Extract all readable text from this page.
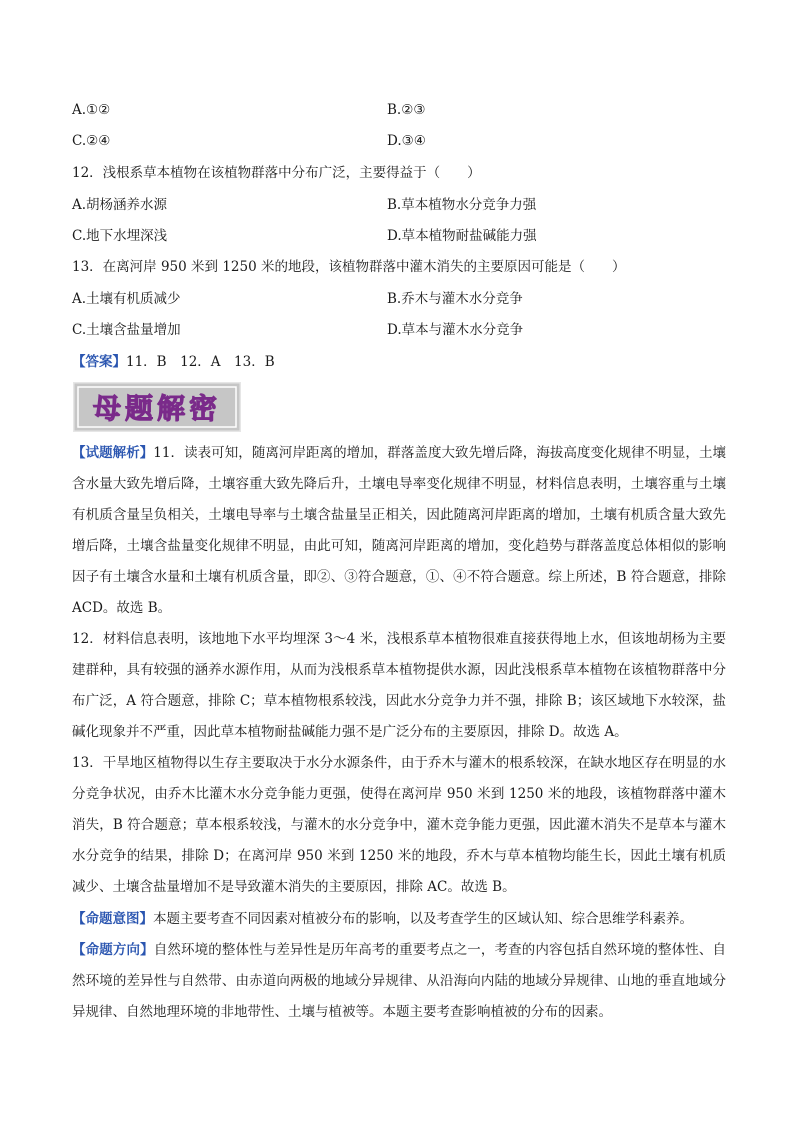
A.①②	B.②③
C.②④	D.③④
12．浅根系草本植物在该植物群落中分布广泛，主要得益于（　　）
A.胡杨涵养水源	B.草本植物水分竞争力强
C.地下水埋深浅	D.草本植物耐盐碱能力强
13．在离河岸 950 米到 1250 米的地段，该植物群落中灌木消失的主要原因可能是（　　）
A.土壤有机质减少	B.乔木与灌木水分竞争
C.土壤含盐量增加	D.草本与灌木水分竞争
【答案】11．B　12．A　13．B
母题解密
【试题解析】11．读表可知，随离河岸距离的增加，群落盖度大致先增后降，海拔高度变化规律不明显，土壤含水量大致先增后降，土壤容重大致先降后升，土壤电导率变化规律不明显，材料信息表明，土壤容重与土壤有机质含量呈负相关，土壤电导率与土壤含盐量呈正相关，因此随离河岸距离的增加，土壤有机质含量大致先增后降，土壤含盐量变化规律不明显，由此可知，随离河岸距离的增加，变化趋势与群落盖度总体相似的影响因子有土壤含水量和土壤有机质含量，即②、③符合题意，①、④不符合题意。综上所述，B 符合题意，排除 ACD。故选 B。
12．材料信息表明，该地地下水平均埋深 3～4 米，浅根系草本植物很难直接获得地上水，但该地胡杨为主要建群种，具有较强的涵养水源作用，从而为浅根系草本植物提供水源，因此浅根系草本植物在该植物群落中分布广泛，A 符合题意，排除 C；草本植物根系较浅，因此水分竞争力并不强，排除 B；该区域地下水较深，盐碱化现象并不严重，因此草本植物耐盐碱能力强不是广泛分布的主要原因，排除 D。故选 A。
13．干旱地区植物得以生存主要取决于水分水源条件，由于乔木与灌木的根系较深，在缺水地区存在明显的水分竞争状况，由乔木比灌木水分竞争能力更强，使得在离河岸 950 米到 1250 米的地段，该植物群落中灌木消失，B 符合题意；草本根系较浅，与灌木的水分竞争中，灌木竞争能力更强，因此灌木消失不是草本与灌木水分竞争的结果，排除 D；在离河岸 950 米到 1250 米的地段，乔木与草本植物均能生长，因此土壤有机质减少、土壤含盐量增加不是导致灌木消失的主要原因，排除 AC。故选 B。
【命题意图】本题主要考查不同因素对植被分布的影响，以及考查学生的区域认知、综合思维学科素养。
【命题方向】自然环境的整体性与差异性是历年高考的重要考点之一，考查的内容包括自然环境的整体性、自然环境的差异性与自然带、由赤道向两极的地域分异规律、从沿海向内陆的地域分异规律、山地的垂直地域分异规律、自然地理环境的非地带性、土壤与植被等。本题主要考查影响植被的分布的因素。
